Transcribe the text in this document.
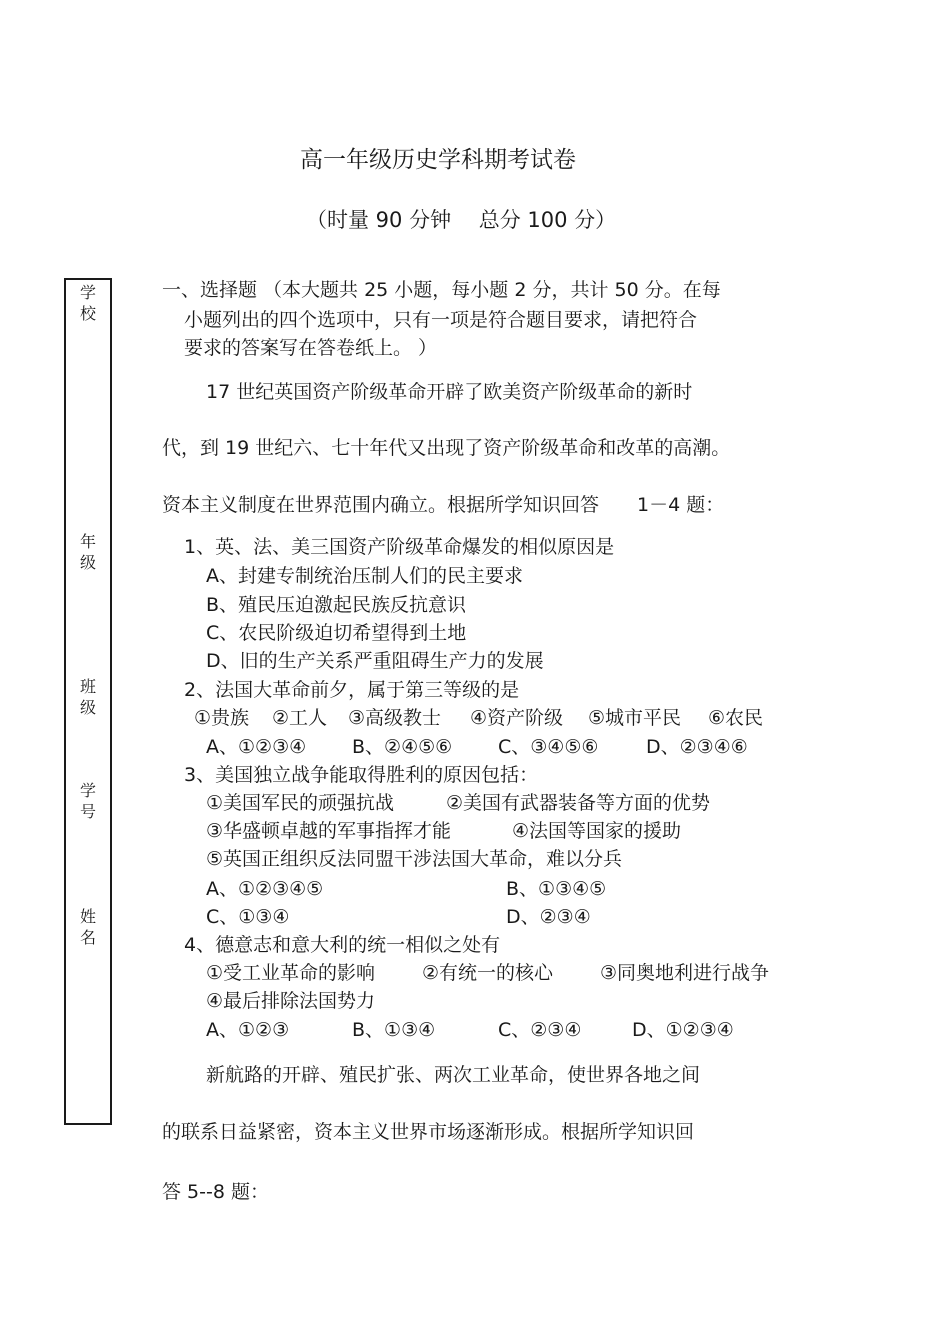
高一年级历史学科期考试卷
（时量 90 分钟　 总分 100 分）
学校
年级
班级
学号
姓名
一、选择题 （本大题共 25 小题，每小题 2 分，共计 50 分。在每
小题列出的四个选项中，只有一项是符合题目要求，请把符合
要求的答案写在答卷纸上。 ）
17 世纪英国资产阶级革命开辟了欧美资产阶级革命的新时
代，到 19 世纪六、七十年代又出现了资产阶级革命和改革的高潮。
资本主义制度在世界范围内确立。根据所学知识回答　　1－4 题：
1、英、法、美三国资产阶级革命爆发的相似原因是
A、封建专制统治压制人们的民主要求
B、殖民压迫激起民族反抗意识
C、农民阶级迫切希望得到土地
D、旧的生产关系严重阻碍生产力的发展
2、法国大革命前夕，属于第三等级的是
①贵族 ②工人 ③高级教士 ④资产阶级 ⑤城市平民 ⑥农民
A、①②③④ B、②④⑤⑥ C、③④⑤⑥	D、②③④⑥
3、美国独立战争能取得胜利的原因包括：
①美国军民的顽强抗战	②美国有武器装备等方面的优势
③华盛顿卓越的军事指挥才能	④法国等国家的援助
⑤英国正组织反法同盟干涉法国大革命，难以分兵
A、①②③④⑤	B、①③④⑤
C、①③④	D、②③④
4、德意志和意大利的统一相似之处有
①受工业革命的影响 ②有统一的核心 ③同奥地利进行战争
④最后排除法国势力
A、①②③	B、①③④	C、②③④	D、①②③④
新航路的开辟、殖民扩张、两次工业革命，使世界各地之间
的联系日益紧密，资本主义世界市场逐渐形成。根据所学知识回
答 5--8 题：
